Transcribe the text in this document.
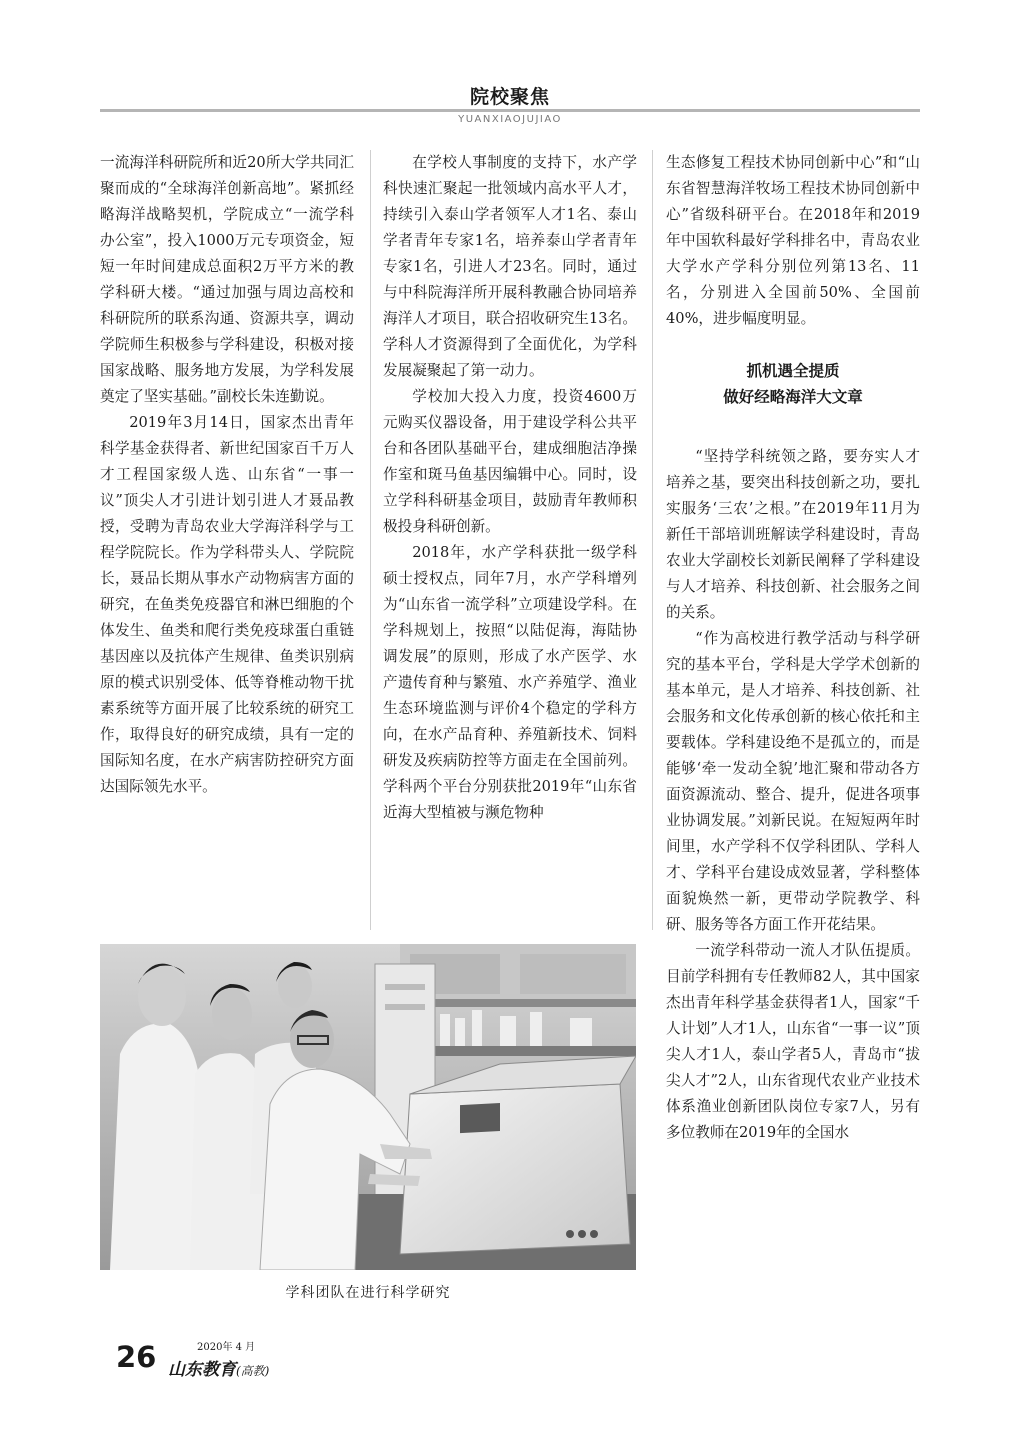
院校聚焦
YUANXIAOJUJIAO

一流海洋科研院所和近20所大学共同汇聚而成的“全球海洋创新高地”。紧抓经略海洋战略契机，学院成立“一流学科办公室”，投入1000万元专项资金，短短一年时间建成总面积2万平方米的教学科研大楼。“通过加强与周边高校和科研院所的联系沟通、资源共享，调动学院师生积极参与学科建设，积极对接国家战略、服务地方发展，为学科发展奠定了坚实基础。”副校长朱连勤说。

2019年3月14日，国家杰出青年科学基金获得者、新世纪国家百千万人才工程国家级人选、山东省“一事一议”顶尖人才引进计划引进人才聂品教授，受聘为青岛农业大学海洋科学与工程学院院长。作为学科带头人、学院院长，聂品长期从事水产动物病害方面的研究，在鱼类免疫器官和淋巴细胞的个体发生、鱼类和爬行类免疫球蛋白重链基因座以及抗体产生规律、鱼类识别病原的模式识别受体、低等脊椎动物干扰素系统等方面开展了比较系统的研究工作，取得良好的研究成绩，具有一定的国际知名度，在水产病害防控研究方面达国际领先水平。

在学校人事制度的支持下，水产学科快速汇聚起一批领域内高水平人才，持续引入泰山学者领军人才1名、泰山学者青年专家1名，培养泰山学者青年专家1名，引进人才23名。同时，通过与中科院海洋所开展科教融合协同培养海洋人才项目，联合招收研究生13名。学科人才资源得到了全面优化，为学科发展凝聚起了第一动力。

学校加大投入力度，投资4600万元购买仪器设备，用于建设学科公共平台和各团队基础平台，建成细胞洁净操作室和斑马鱼基因编辑中心。同时，设立学科科研基金项目，鼓励青年教师积极投身科研创新。

2018年，水产学科获批一级学科硕士授权点，同年7月，水产学科增列为“山东省一流学科”立项建设学科。在学科规划上，按照“以陆促海，海陆协调发展”的原则，形成了水产医学、水产遗传育种与繁殖、水产养殖学、渔业生态环境监测与评价4个稳定的学科方向，在水产品育种、养殖新技术、饲料研发及疾病防控等方面走在全国前列。学科两个平台分别获批2019年“山东省近海大型植被与濒危物种

生态修复工程技术协同创新中心”和“山东省智慧海洋牧场工程技术协同创新中心”省级科研平台。在2018年和2019年中国软科最好学科排名中，青岛农业大学水产学科分别位列第13名、11名，分别进入全国前50%、全国前40%，进步幅度明显。

抓机遇全提质
做好经略海洋大文章

“坚持学科统领之路，要夯实人才培养之基，要突出科技创新之功，要扎实服务‘三农’之根。”在2019年11月为新任干部培训班解读学科建设时，青岛农业大学副校长刘新民阐释了学科建设与人才培养、科技创新、社会服务之间的关系。

“作为高校进行教学活动与科学研究的基本平台，学科是大学学术创新的基本单元，是人才培养、科技创新、社会服务和文化传承创新的核心依托和主要载体。学科建设绝不是孤立的，而是能够‘牵一发动全貌’地汇聚和带动各方面资源流动、整合、提升，促进各项事业协调发展。”刘新民说。在短短两年时间里，水产学科不仅学科团队、学科人才、学科平台建设成效显著，学科整体面貌焕然一新，更带动学院教学、科研、服务等各方面工作开花结果。

一流学科带动一流人才队伍提质。目前学科拥有专任教师82人，其中国家杰出青年科学基金获得者1人，国家“千人计划”人才1人，山东省“一事一议”顶尖人才1人，泰山学者5人，青岛市“拔尖人才”2人，山东省现代农业产业技术体系渔业创新团队岗位专家7人，另有多位教师在2019年的全国水

学科团队在进行科学研究
26	2020年 4 月
山东教育(高教)
